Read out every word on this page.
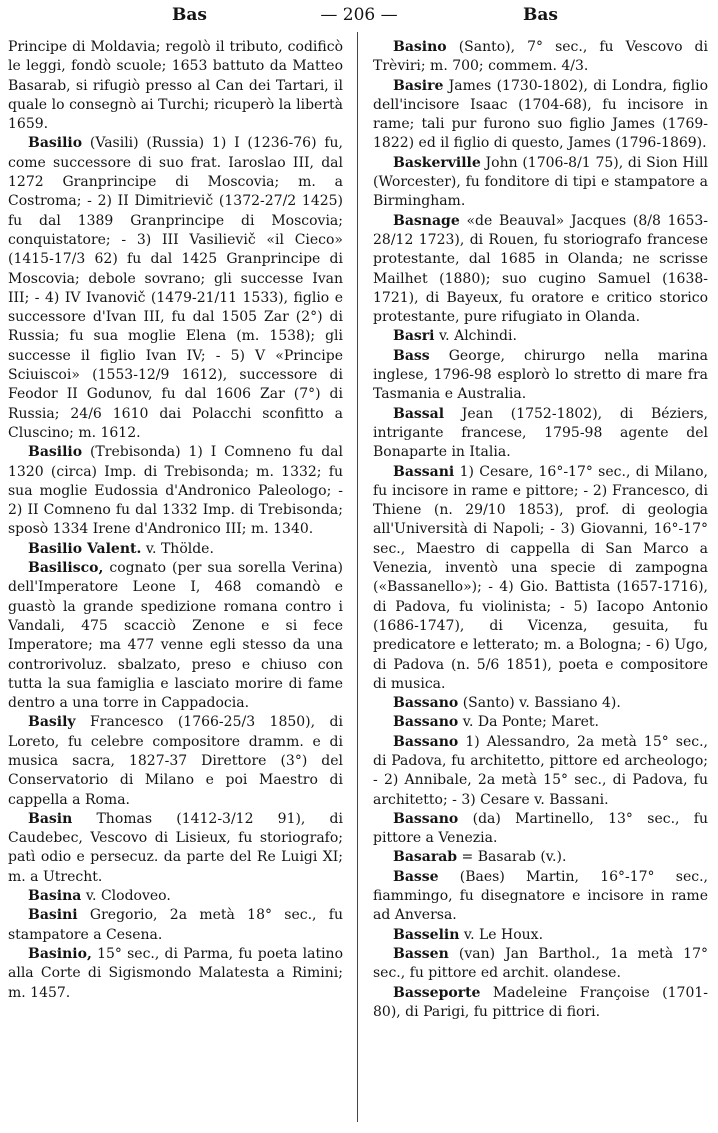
Bas	— 206 —	Bas

Principe di Moldavia; regolò il tributo, codificò le leggi, fondò scuole; 1653 battuto da Matteo Basarab, si rifugiò presso al Can dei Tartari, il quale lo consegnò ai Turchi; ricuperò la libertà 1659.

Basilio (Vasili) (Russia) 1) I (1236-76) fu, come successore di suo frat. Iaroslao III, dal 1272 Granprincipe di Moscovia; m. a Costroma; - 2) II Dimitrievič (1372-27/2 1425) fu dal 1389 Granprincipe di Moscovia; conquistatore; - 3) III Vasilievič «il Cieco» (1415-17/3 62) fu dal 1425 Granprincipe di Moscovia; debole sovrano; gli successe Ivan III; - 4) IV Ivanovič (1479-21/11 1533), figlio e successore d'Ivan III, fu dal 1505 Zar (2°) di Russia; fu sua moglie Elena (m. 1538); gli successe il figlio Ivan IV; - 5) V «Principe Sciuiscoi» (1553-12/9 1612), successore di Feodor II Godunov, fu dal 1606 Zar (7°) di Russia; 24/6 1610 dai Polacchi sconfitto a Cluscino; m. 1612.

Basilio (Trebisonda) 1) I Comneno fu dal 1320 (circa) Imp. di Trebisonda; m. 1332; fu sua moglie Eudossia d'Andronico Paleologo; - 2) II Comneno fu dal 1332 Imp. di Trebisonda; sposò 1334 Irene d'Andronico III; m. 1340.

Basilio Valent. v. Thölde.

Basilisco, cognato (per sua sorella Verina) dell'Imperatore Leone I, 468 comandò e guastò la grande spedizione romana contro i Vandali, 475 scacciò Zenone e si fece Imperatore; ma 477 venne egli stesso da una controrivoluz. sbalzato, preso e chiuso con tutta la sua famiglia e lasciato morire di fame dentro a una torre in Cappadocia.

Basily Francesco (1766-25/3 1850), di Loreto, fu celebre compositore dramm. e di musica sacra, 1827-37 Direttore (3°) del Conservatorio di Milano e poi Maestro di cappella a Roma.

Basin Thomas (1412-3/12 91), di Caudebec, Vescovo di Lisieux, fu storiografo; patì odio e persecuz. da parte del Re Luigi XI; m. a Utrecht.

Basina v. Clodoveo.

Basini Gregorio, 2a metà 18° sec., fu stampatore a Cesena.

Basinio, 15° sec., di Parma, fu poeta latino alla Corte di Sigismondo Malatesta a Rimini; m. 1457.

Basino (Santo), 7° sec., fu Vescovo di Trèviri; m. 700; commem. 4/3.

Basire James (1730-1802), di Londra, figlio dell'incisore Isaac (1704-68), fu incisore in rame; tali pur furono suo figlio James (1769-1822) ed il figlio di questo, James (1796-1869).

Baskerville John (1706-8/1 75), di Sion Hill (Worcester), fu fonditore di tipi e stampatore a Birmingham.

Basnage «de Beauval» Jacques (8/8 1653-28/12 1723), di Rouen, fu storiografo francese protestante, dal 1685 in Olanda; ne scrisse Mailhet (1880); suo cugino Samuel (1638-1721), di Bayeux, fu oratore e critico storico protestante, pure rifugiato in Olanda.

Basri v. Alchindi.

Bass George, chirurgo nella marina inglese, 1796-98 esplorò lo stretto di mare fra Tasmania e Australia.

Bassal Jean (1752-1802), di Béziers, intrigante francese, 1795-98 agente del Bonaparte in Italia.

Bassani 1) Cesare, 16°-17° sec., di Milano, fu incisore in rame e pittore; - 2) Francesco, di Thiene (n. 29/10 1853), prof. di geologia all'Università di Napoli; - 3) Giovanni, 16°-17° sec., Maestro di cappella di San Marco a Venezia, inventò una specie di zampogna («Bassanello»); - 4) Gio. Battista (1657-1716), di Padova, fu violinista; - 5) Iacopo Antonio (1686-1747), di Vicenza, gesuita, fu predicatore e letterato; m. a Bologna; - 6) Ugo, di Padova (n. 5/6 1851), poeta e compositore di musica.

Bassano (Santo) v. Bassiano 4).

Bassano v. Da Ponte; Maret.

Bassano 1) Alessandro, 2a metà 15° sec., di Padova, fu architetto, pittore ed archeologo; - 2) Annibale, 2a metà 15° sec., di Padova, fu architetto; - 3) Cesare v. Bassani.

Bassano (da) Martinello, 13° sec., fu pittore a Venezia.

Basarab = Basarab (v.).

Basse (Baes) Martin, 16°-17° sec., fiammingo, fu disegnatore e incisore in rame ad Anversa.

Basselin v. Le Houx.

Bassen (van) Jan Barthol., 1a metà 17° sec., fu pittore ed archit. olandese.

Basseporte Madeleine Françoise (1701-80), di Parigi, fu pittrice di fiori.
